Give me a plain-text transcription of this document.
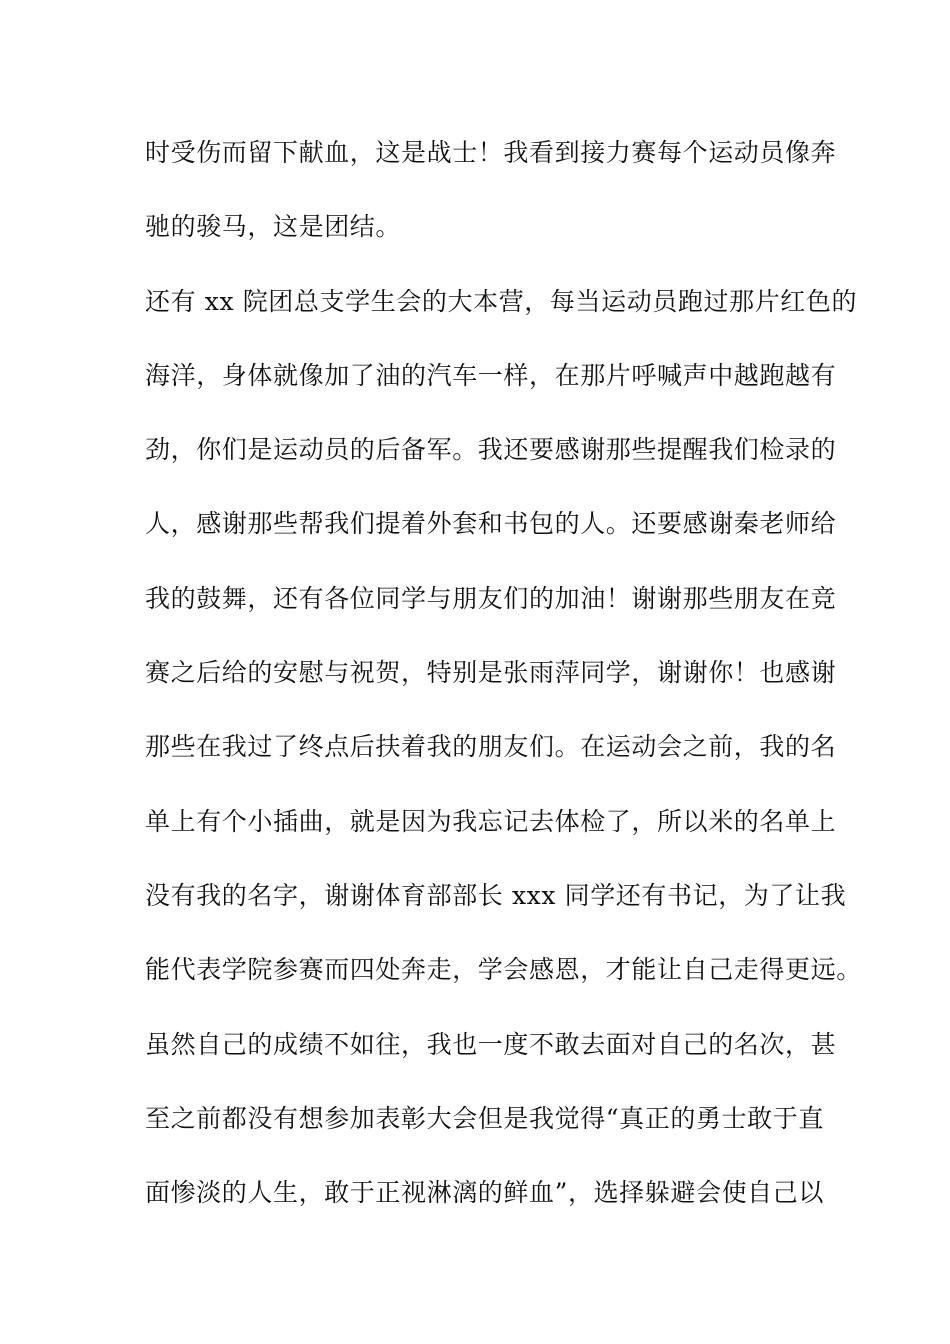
时受伤而留下献血，这是战士！我看到接力赛每个运动员像奔
驰的骏马，这是团结。
还有 xx 院团总支学生会的大本营，每当运动员跑过那片红色的
海洋，身体就像加了油的汽车一样，在那片呼喊声中越跑越有
劲，你们是运动员的后备军。我还要感谢那些提醒我们检录的
人，感谢那些帮我们提着外套和书包的人。还要感谢秦老师给
我的鼓舞，还有各位同学与朋友们的加油！谢谢那些朋友在竞
赛之后给的安慰与祝贺，特别是张雨萍同学，谢谢你！也感谢
那些在我过了终点后扶着我的朋友们。在运动会之前，我的名
单上有个小插曲，就是因为我忘记去体检了，所以米的名单上
没有我的名字，谢谢体育部部长 xxx 同学还有书记，为了让我
能代表学院参赛而四处奔走，学会感恩，才能让自己走得更远。
虽然自己的成绩不如往，我也一度不敢去面对自己的名次，甚
至之前都没有想参加表彰大会但是我觉得“真正的勇士敢于直
面惨淡的人生，敢于正视淋漓的鲜血”，选择躲避会使自己以
